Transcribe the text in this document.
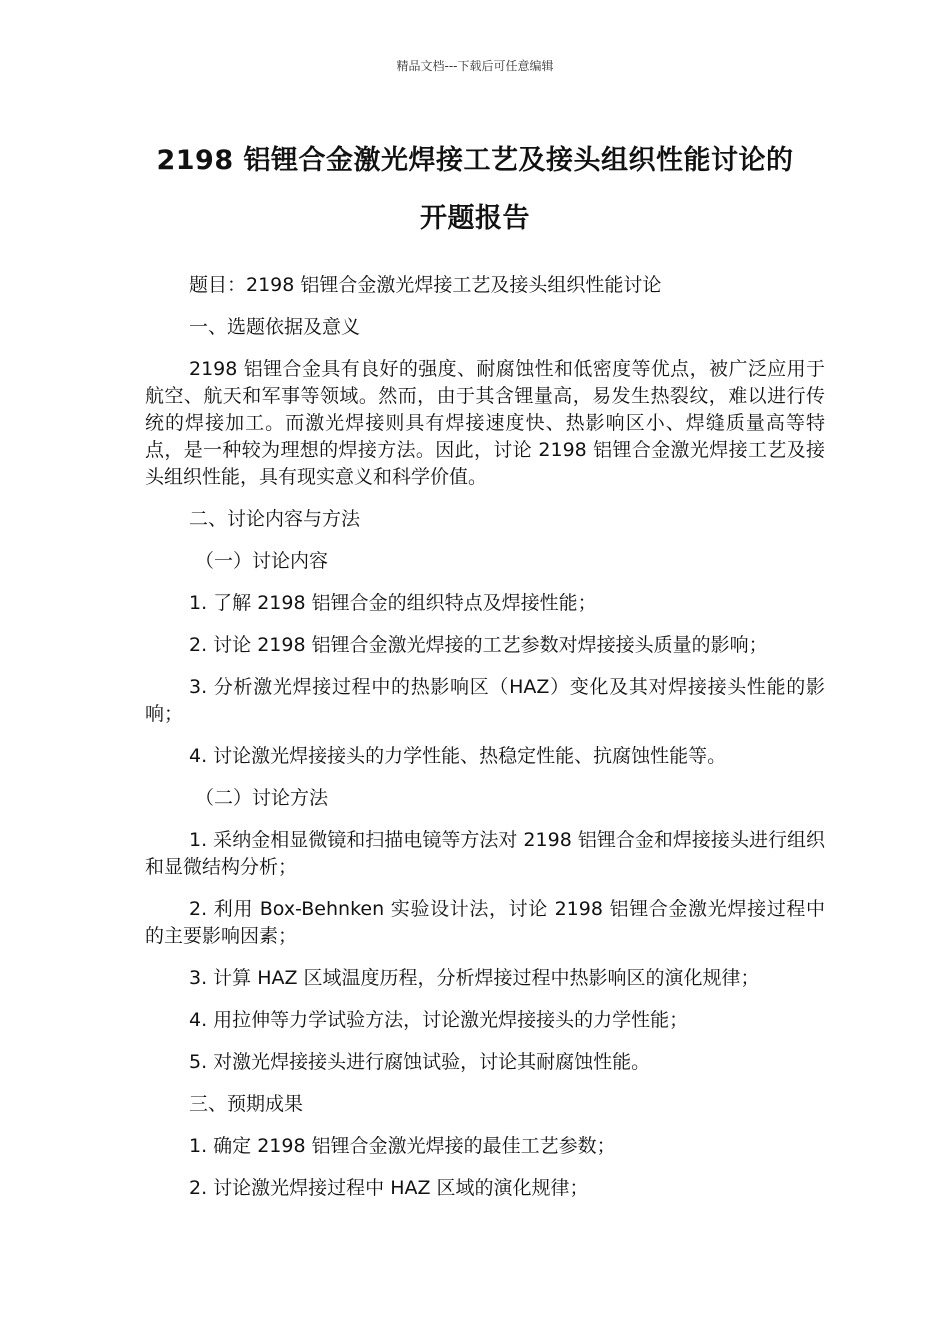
精品文档---下载后可任意编辑
2198 铝锂合金激光焊接工艺及接头组织性能讨论的
开题报告

题目：2198 铝锂合金激光焊接工艺及接头组织性能讨论

一、选题依据及意义

2198 铝锂合金具有良好的强度、耐腐蚀性和低密度等优点，被广泛应用于航空、航天和军事等领域。然而，由于其含锂量高，易发生热裂纹，难以进行传统的焊接加工。而激光焊接则具有焊接速度快、热影响区小、焊缝质量高等特点，是一种较为理想的焊接方法。因此，讨论 2198 铝锂合金激光焊接工艺及接头组织性能，具有现实意义和科学价值。

二、讨论内容与方法

（一）讨论内容

1. 了解 2198 铝锂合金的组织特点及焊接性能；

2. 讨论 2198 铝锂合金激光焊接的工艺参数对焊接接头质量的影响；

3. 分析激光焊接过程中的热影响区（HAZ）变化及其对焊接接头性能的影响；

4. 讨论激光焊接接头的力学性能、热稳定性能、抗腐蚀性能等。

（二）讨论方法

1. 采纳金相显微镜和扫描电镜等方法对 2198 铝锂合金和焊接接头进行组织和显微结构分析；

2. 利用 Box-Behnken 实验设计法，讨论 2198 铝锂合金激光焊接过程中的主要影响因素；

3. 计算 HAZ 区域温度历程，分析焊接过程中热影响区的演化规律；

4. 用拉伸等力学试验方法，讨论激光焊接接头的力学性能；

5. 对激光焊接接头进行腐蚀试验，讨论其耐腐蚀性能。

三、预期成果

1. 确定 2198 铝锂合金激光焊接的最佳工艺参数；

2. 讨论激光焊接过程中 HAZ 区域的演化规律；
